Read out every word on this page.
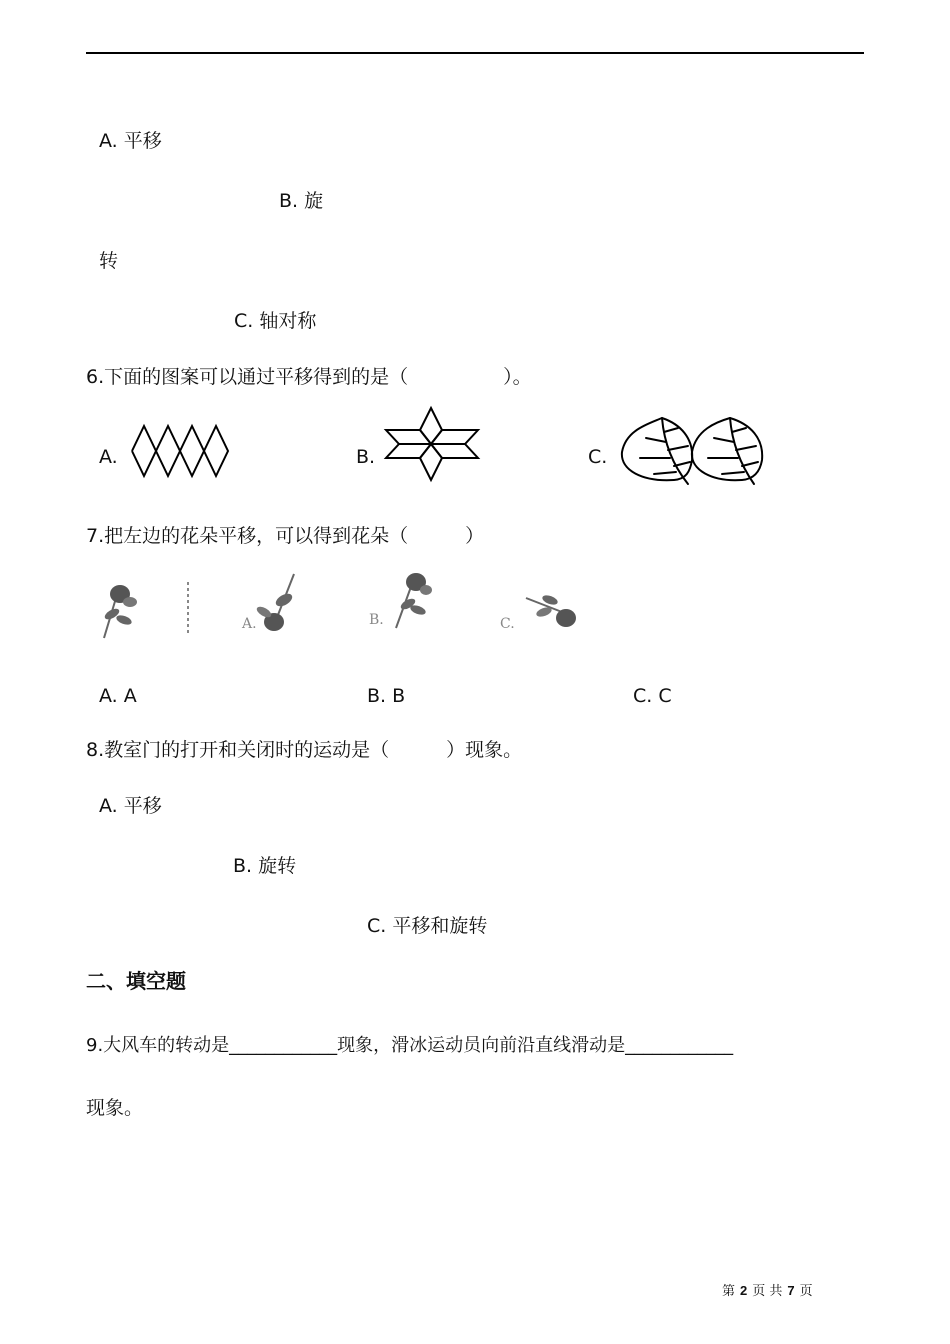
A. 平移
B. 旋
转
C. 轴对称
6.下面的图案可以通过平移得到的是（　　　　　）。
A.	B.	C.
7.把左边的花朵平移，可以得到花朵（　　　）
A.	B.	C.
A. A	B. B	C. C
8.教室门的打开和关闭时的运动是（　　　）现象。
A. 平移
B. 旋转
C. 平移和旋转
二、填空题
9.大风车的转动是____________现象，滑冰运动员向前沿直线滑动是____________
现象。
第 2 页 共 7 页
